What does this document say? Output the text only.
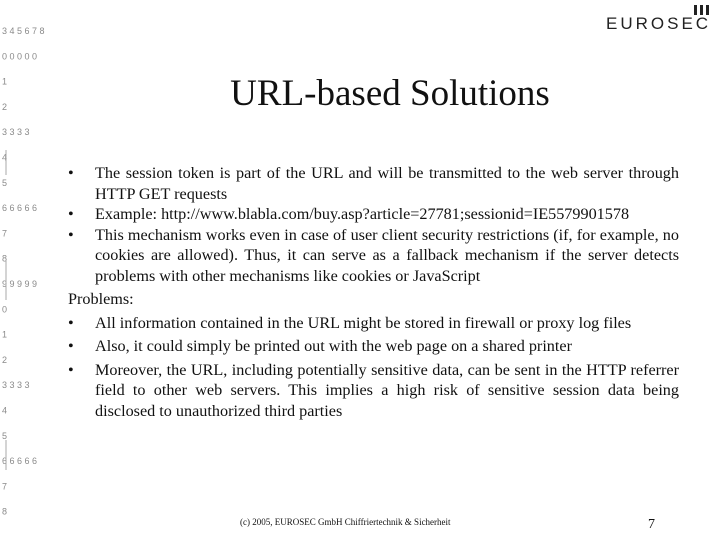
3 4 5 6 7 8
0 0 0 0 0
1
2
3 3 3 3
4
5
6 6 6 6 6
7
8
9 9 9 9 9
0
1
2
3 3 3 3
4
5
6 6 6 6 6
7
8
EUROSEC
URL-based Solutions
• The session token is part of the URL and will be transmitted to the web server through HTTP GET requests
• Example: http://www.blabla.com/buy.asp?article=27781;sessionid=IE5579901578
• This mechanism works even in case of user client security restrictions (if, for example, no cookies are allowed). Thus, it can serve as a fallback mechanism if the server detects problems with other mechanisms like cookies or JavaScript
Problems:
• All information contained in the URL might be stored in firewall or proxy log files
• Also, it could simply be printed out with the web page on a shared printer
• Moreover, the URL, including potentially sensitive data, can be sent in the HTTP referrer field to other web servers. This implies a high risk of sensitive session data being disclosed to unauthorized third parties
(c) 2005, EUROSEC GmbH Chiffriertechnik & Sicherheit	7
